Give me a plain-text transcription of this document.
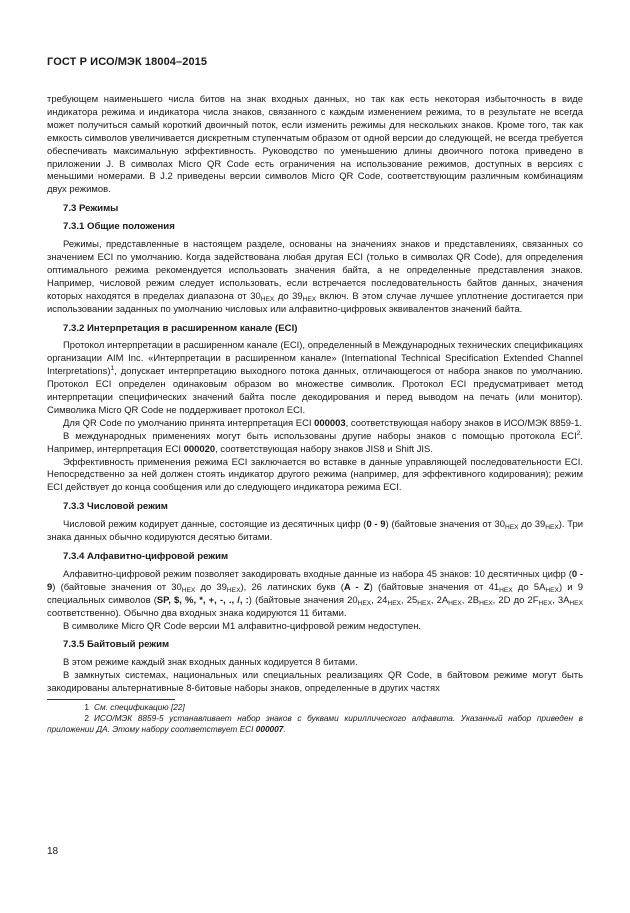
ГОСТ Р ИСО/МЭК 18004–2015

требующем наименьшего числа битов на знак входных данных, но так как есть некоторая избыточность в виде индикатора режима и индикатора числа знаков, связанного с каждым изменением режима, то в результате не всегда может получиться самый короткий двоичный поток, если изменить режимы для нескольких знаков. Кроме того, так как емкость символов увеличивается дискретным ступенчатым образом от одной версии до следующей, не всегда требуется обеспечивать максимальную эффективность. Руководство по уменьшению длины двоичного потока приведено в приложении J. В символах Micro QR Code есть ограничения на использование режимов, доступных в версиях с меньшими номерами. В J.2 приведены версии символов Micro QR Code, соответствующим различным комбинациям двух режимов.

7.3 Режимы
7.3.1 Общие положения

Режимы, представленные в настоящем разделе, основаны на значениях знаков и представлениях, связанных со значением ECI по умолчанию. Когда задействована любая другая ECI (только в символах QR Code), для определения оптимального режима рекомендуется использовать значения байта, а не определенные представления знаков. Например, числовой режим следует использовать, если встречается последовательность байтов данных, значения которых находятся в пределах диапазона от $30_{HEX}$ до $39_{HEX}$ включ. В этом случае лучшее уплотнение достигается при использовании заданных по умолчанию числовых или алфавитно-цифровых эквивалентов значений байта.

7.3.2 Интерпретация в расширенном канале (ECI)

Протокол интерпретации в расширенном канале (ECI), определенный в Международных технических спецификациях организации AIM Inc. «Интерпретации в расширенном канале» (International Technical Specification Extended Channel Interpretations)$^1$, допускает интерпретацию выходного потока данных, отличающегося от набора знаков по умолчанию. Протокол ECI определен одинаковым образом во множестве символик. Протокол ECI предусматривает метод интерпретации специфических значений байта после декодирования и перед выводом на печать (или монитор). Символика Micro QR Code не поддерживает протокол ECI.

Для QR Code по умолчанию принята интерпретация ECI 000003, соответствующая набору знаков в ИСО/МЭК 8859-1.

В международных применениях могут быть использованы другие наборы знаков с помощью протокола ECI$^2$. Например, интерпретация ECI 000020, соответствующая набору знаков JIS8 и Shift JIS.

Эффективность применения режима ECI заключается во вставке в данные управляющей последовательности ECI. Непосредственно за ней должен стоять индикатор другого режима (например, для эффективного кодирования); режим ECI действует до конца сообщения или до следующего индикатора режима ECI.

7.3.3 Числовой режим

Числовой режим кодирует данные, состоящие из десятичных цифр (0 - 9) (байтовые значения от $30_{HEX}$ до $39_{HEX}$). Три знака данных обычно кодируются десятью битами.

7.3.4 Алфавитно-цифровой режим

Алфавитно-цифровой режим позволяет закодировать входные данные из набора 45 знаков: 10 десятичных цифр (0 - 9) (байтовые значения от $30_{HEX}$ до $39_{HEX}$), 26 латинских букв (A - Z) (байтовые значения от $41_{HEX}$ до $5A_{HEX}$) и 9 специальных символов (SP, $, %, *, +, -, ., /, :) (байтовые значения $20_{HEX}$, $24_{HEX}$, $25_{HEX}$, $2A_{HEX}$, $2B_{HEX}$, 2D до $2F_{HEX}$, $3A_{HEX}$ соответственно). Обычно два входных знака кодируются 11 битами.

В символике Micro QR Code версии M1 алфавитно-цифровой режим недоступен.

7.3.5 Байтовый режим

В этом режиме каждый знак входных данных кодируется 8 битами.

В замкнутых системах, национальных или специальных реализациях QR Code, в байтовом режиме могут быть закодированы альтернативные 8-битовые наборы знаков, определенные в других частях

1 См. спецификацию [22]
2 ИСО/МЭК 8859-5 устанавливает набор знаков с буквами кириллического алфавита. Указанный набор приведен в приложении ДА. Этому набору соответствует ECI 000007.
18
